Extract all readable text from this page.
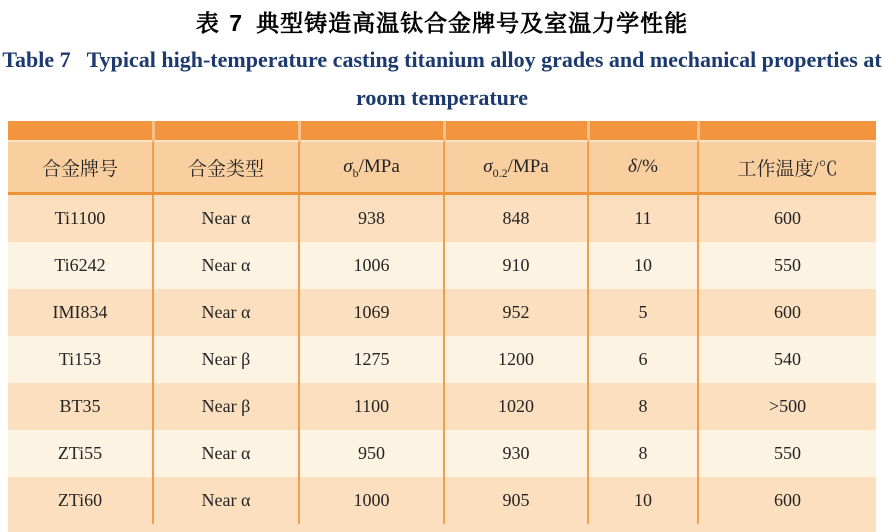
表 7 典型铸造高温钛合金牌号及室温力学性能
Table 7 Typical high-temperature casting titanium alloy grades and mechanical properties at
room temperature

合金牌号	合金类型	$\sigma_b$/MPa	$\sigma_{0.2}$/MPa	δ/%	工作温度/℃
Ti1100	Near α	938	848	11	600
Ti6242	Near α	1006	910	10	550
IMI834	Near α	1069	952	5	600
Ti153	Near β	1275	1200	6	540
BT35	Near β	1100	1020	8	>500
ZTi55	Near α	950	930	8	550
ZTi60	Near α	1000	905	10	600
